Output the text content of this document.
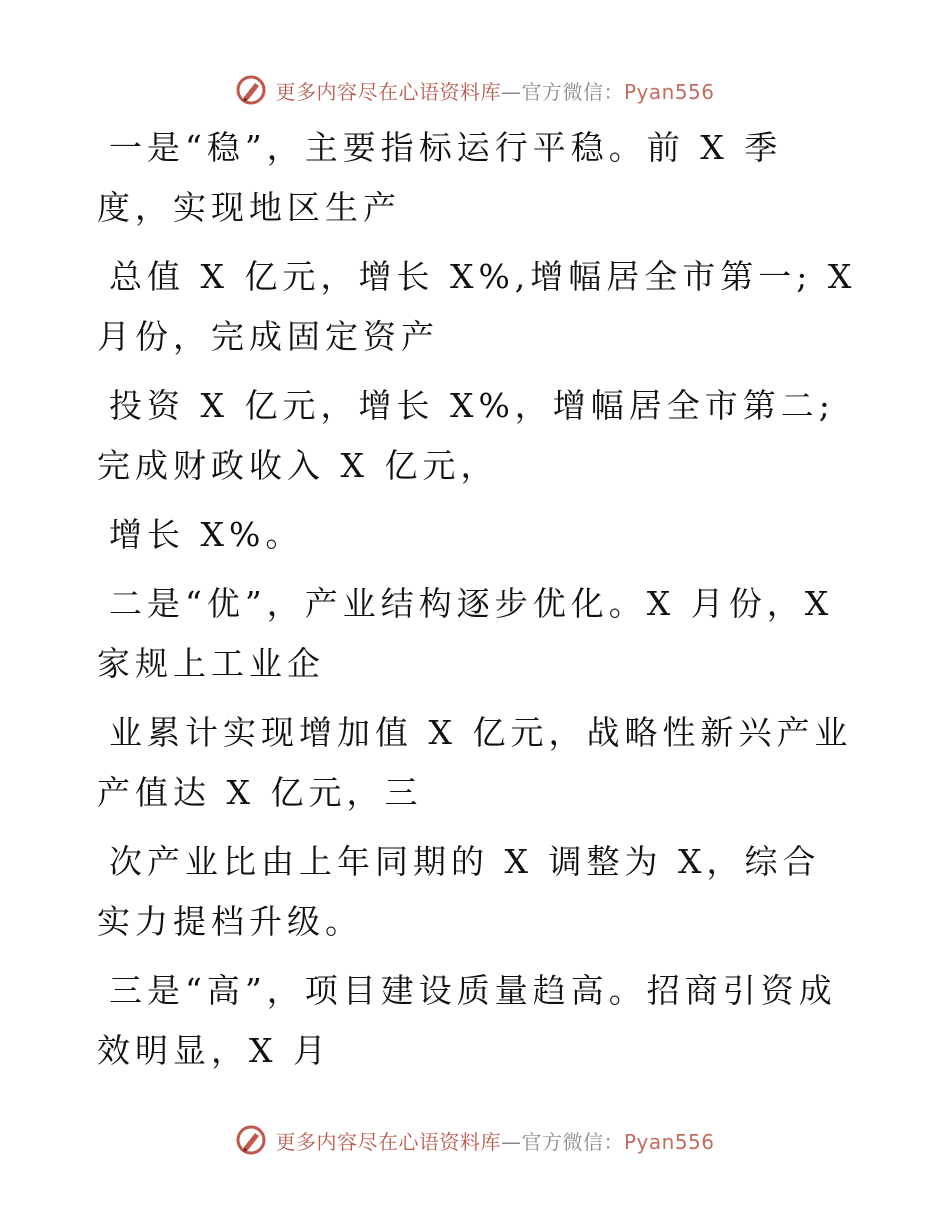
更多内容尽在心语资料库—官方微信：Pyan556

一是“稳”，主要指标运行平稳。前 X 季度，实现地区生产

总值 X 亿元，增长 X%,增幅居全市第一; X 月份，完成固定资产

投资 X 亿元，增长 X%，增幅居全市第二; 完成财政收入 X 亿元，

增长 X%。

二是“优”，产业结构逐步优化。X 月份，X 家规上工业企

业累计实现增加值 X 亿元，战略性新兴产业产值达 X 亿元，三

次产业比由上年同期的 X 调整为 X，综合实力提档升级。

三是“高”，项目建设质量趋高。招商引资成效明显，X 月

更多内容尽在心语资料库—官方微信：Pyan556
